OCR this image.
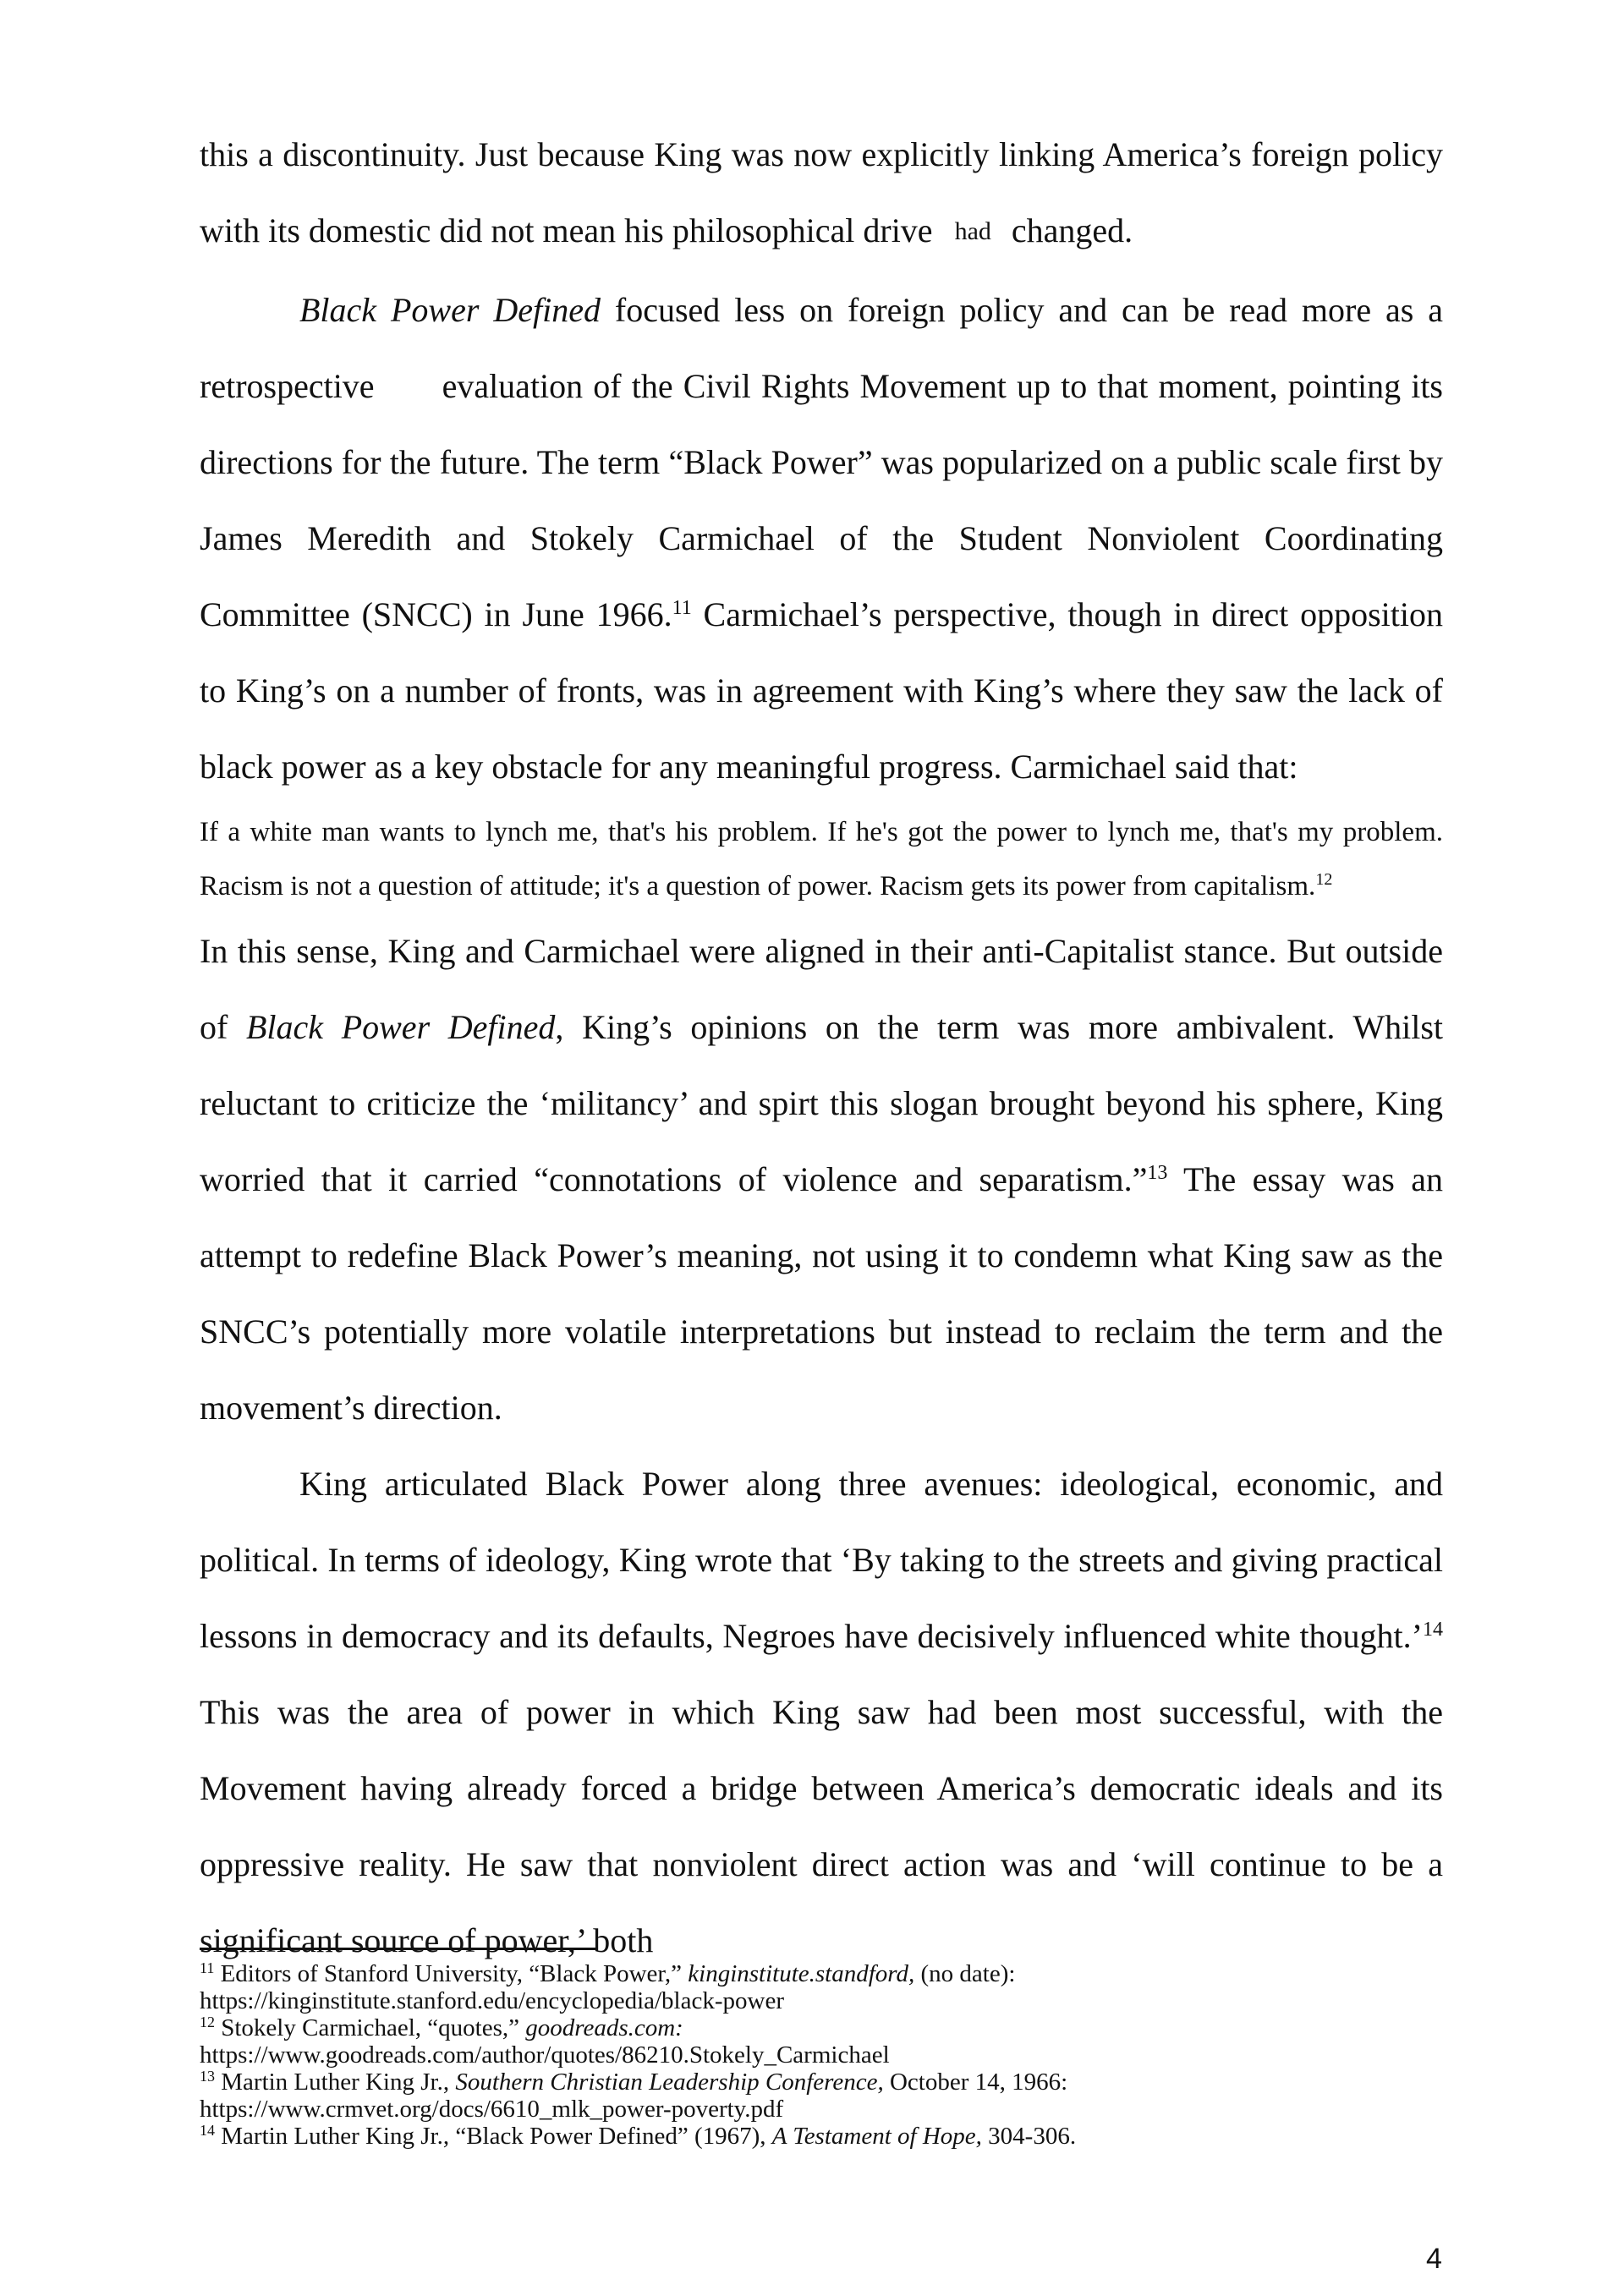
this a discontinuity. Just because King was now explicitly linking America’s foreign policy with its domestic did not mean his philosophical drive had changed.

Black Power Defined focused less on foreign policy and can be read more as a retrospective evaluation of the Civil Rights Movement up to that moment, pointing its directions for the future. The term “Black Power” was popularized on a public scale first by James Meredith and Stokely Carmichael of the Student Nonviolent Coordinating Committee (SNCC) in June 1966.11 Carmichael’s perspective, though in direct opposition to King’s on a number of fronts, was in agreement with King’s where they saw the lack of black power as a key obstacle for any meaningful progress. Carmichael said that:

If a white man wants to lynch me, that's his problem. If he's got the power to lynch me, that's my problem. Racism is not a question of attitude; it's a question of power. Racism gets its power from capitalism.$^{12}$

In this sense, King and Carmichael were aligned in their anti-Capitalist stance. But outside of Black Power Defined, King’s opinions on the term was more ambivalent. Whilst reluctant to criticize the ‘militancy’ and spirt this slogan brought beyond his sphere, King worried that it carried “connotations of violence and separatism.”$^{13}$ The essay was an attempt to redefine Black Power’s meaning, not using it to condemn what King saw as the SNCC’s potentially more volatile interpretations but instead to reclaim the term and the movement’s direction.

King articulated Black Power along three avenues: ideological, economic, and political. In terms of ideology, King wrote that ‘By taking to the streets and giving practical lessons in democracy and its defaults, Negroes have decisively influenced white thought.’$^{14}$ This was the area of power in which King saw had been most successful, with the Movement having already forced a bridge between America’s democratic ideals and its oppressive reality. He saw that nonviolent direct action was and ‘will continue to be a significant source of power,’ both

$^{11}$ Editors of Stanford University, “Black Power,” kinginstitute.standford, (no date):

https://kinginstitute.stanford.edu/encyclopedia/black-power

$^{12}$ Stokely Carmichael, “quotes,” goodreads.com:

https://www.goodreads.com/author/quotes/86210.Stokely_Carmichael

$^{13}$ Martin Luther King Jr., Southern Christian Leadership Conference, October 14, 1966:

https://www.crmvet.org/docs/6610_mlk_power-poverty.pdf

$^{14}$ Martin Luther King Jr., “Black Power Defined” (1967), A Testament of Hope, 304-306.

4
